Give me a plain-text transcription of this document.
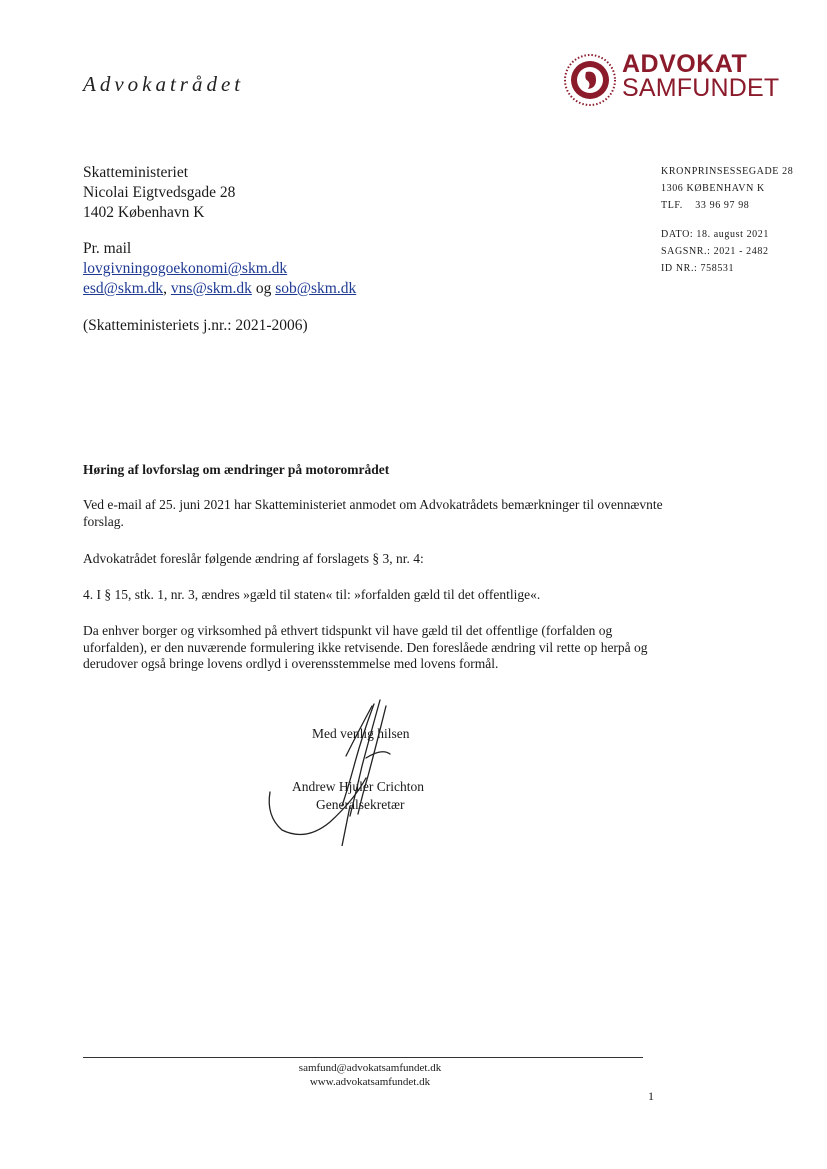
Advokatrådet
ADVOKAT
SAMFUNDET
Skatteministeriet
Nicolai Eigtvedsgade 28
1402 København K
KRONPRINSESSEGADE 28
1306 KØBENHAVN K
TLF. 33 96 97 98
DATO: 18. august 2021
SAGSNR.: 2021 - 2482
ID NR.: 758531
Pr. mail
lovgivningogoekonomi@skm.dk
esd@skm.dk, vns@skm.dk og sob@skm.dk
(Skatteministeriets j.nr.: 2021-2006)
Høring af lovforslag om ændringer på motorområdet
Ved e-mail af 25. juni 2021 har Skatteministeriet anmodet om Advokatrådets bemærkninger til ovennævnte forslag.
Advokatrådet foreslår følgende ændring af forslagets § 3, nr. 4:
4. I § 15, stk. 1, nr. 3, ændres »gæld til staten« til: »forfalden gæld til det offentlige«.
Da enhver borger og virksomhed på ethvert tidspunkt vil have gæld til det offentlige (forfalden og uforfalden), er den nuværende formulering ikke retvisende. Den foreslåede ændring vil rette op herpå og derudover også bringe lovens ordlyd i overensstemmelse med lovens formål.
Med venlig hilsen
Andrew Hjuler Crichton
Generalsekretær
samfund@advokatsamfundet.dk
www.advokatsamfundet.dk
1
